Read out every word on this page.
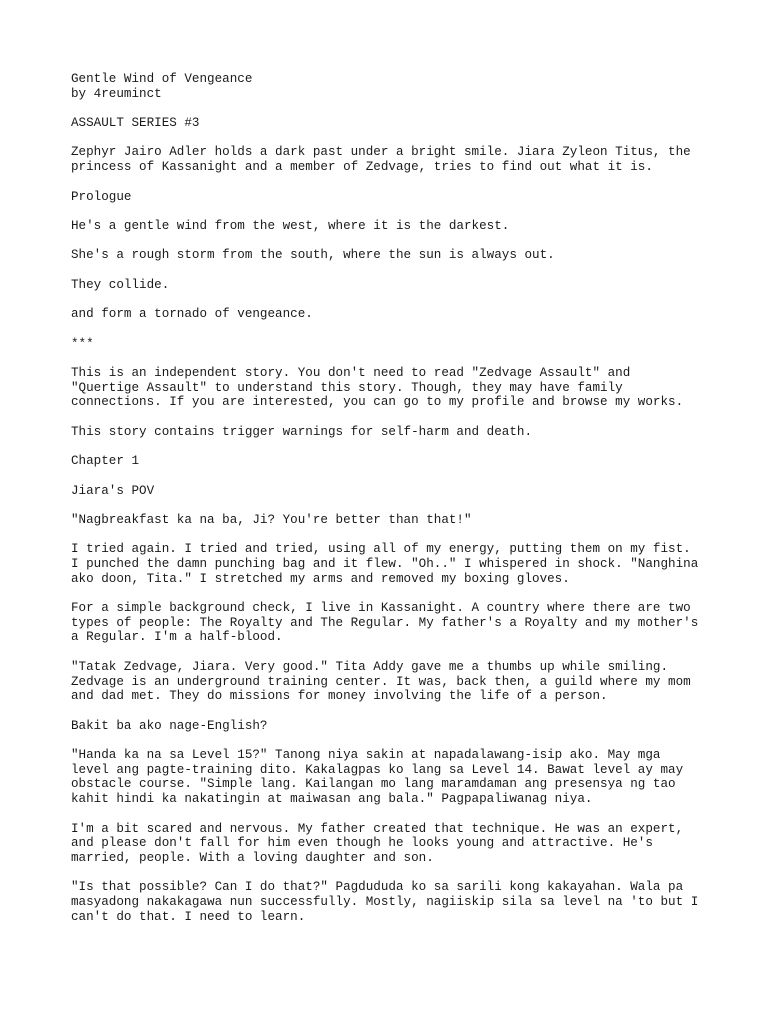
Gentle Wind of Vengeance
by 4reuminct
ASSAULT SERIES #3
Zephyr Jairo Adler holds a dark past under a bright smile. Jiara Zyleon Titus, the
princess of Kassanight and a member of Zedvage, tries to find out what it is.
Prologue
He's a gentle wind from the west, where it is the darkest.
She's a rough storm from the south, where the sun is always out.
They collide.
and form a tornado of vengeance.
***
This is an independent story. You don't need to read "Zedvage Assault" and
"Quertige Assault" to understand this story. Though, they may have family
connections. If you are interested, you can go to my profile and browse my works.
This story contains trigger warnings for self-harm and death.
Chapter 1
Jiara's POV
"Nagbreakfast ka na ba, Ji? You're better than that!"
I tried again. I tried and tried, using all of my energy, putting them on my fist.
I punched the damn punching bag and it flew. "Oh.." I whispered in shock. "Nanghina
ako doon, Tita." I stretched my arms and removed my boxing gloves.
For a simple background check, I live in Kassanight. A country where there are two
types of people: The Royalty and The Regular. My father's a Royalty and my mother's
a Regular. I'm a half-blood.
"Tatak Zedvage, Jiara. Very good." Tita Addy gave me a thumbs up while smiling.
Zedvage is an underground training center. It was, back then, a guild where my mom
and dad met. They do missions for money involving the life of a person.
Bakit ba ako nage-English?
"Handa ka na sa Level 15?" Tanong niya sakin at napadalawang-isip ako. May mga
level ang pagte-training dito. Kakalagpas ko lang sa Level 14. Bawat level ay may
obstacle course. "Simple lang. Kailangan mo lang maramdaman ang presensya ng tao
kahit hindi ka nakatingin at maiwasan ang bala." Pagpapaliwanag niya.
I'm a bit scared and nervous. My father created that technique. He was an expert,
and please don't fall for him even though he looks young and attractive. He's
married, people. With a loving daughter and son.
"Is that possible? Can I do that?" Pagdududa ko sa sarili kong kakayahan. Wala pa
masyadong nakakagawa nun successfully. Mostly, nagiiskip sila sa level na 'to but I
can't do that. I need to learn.
